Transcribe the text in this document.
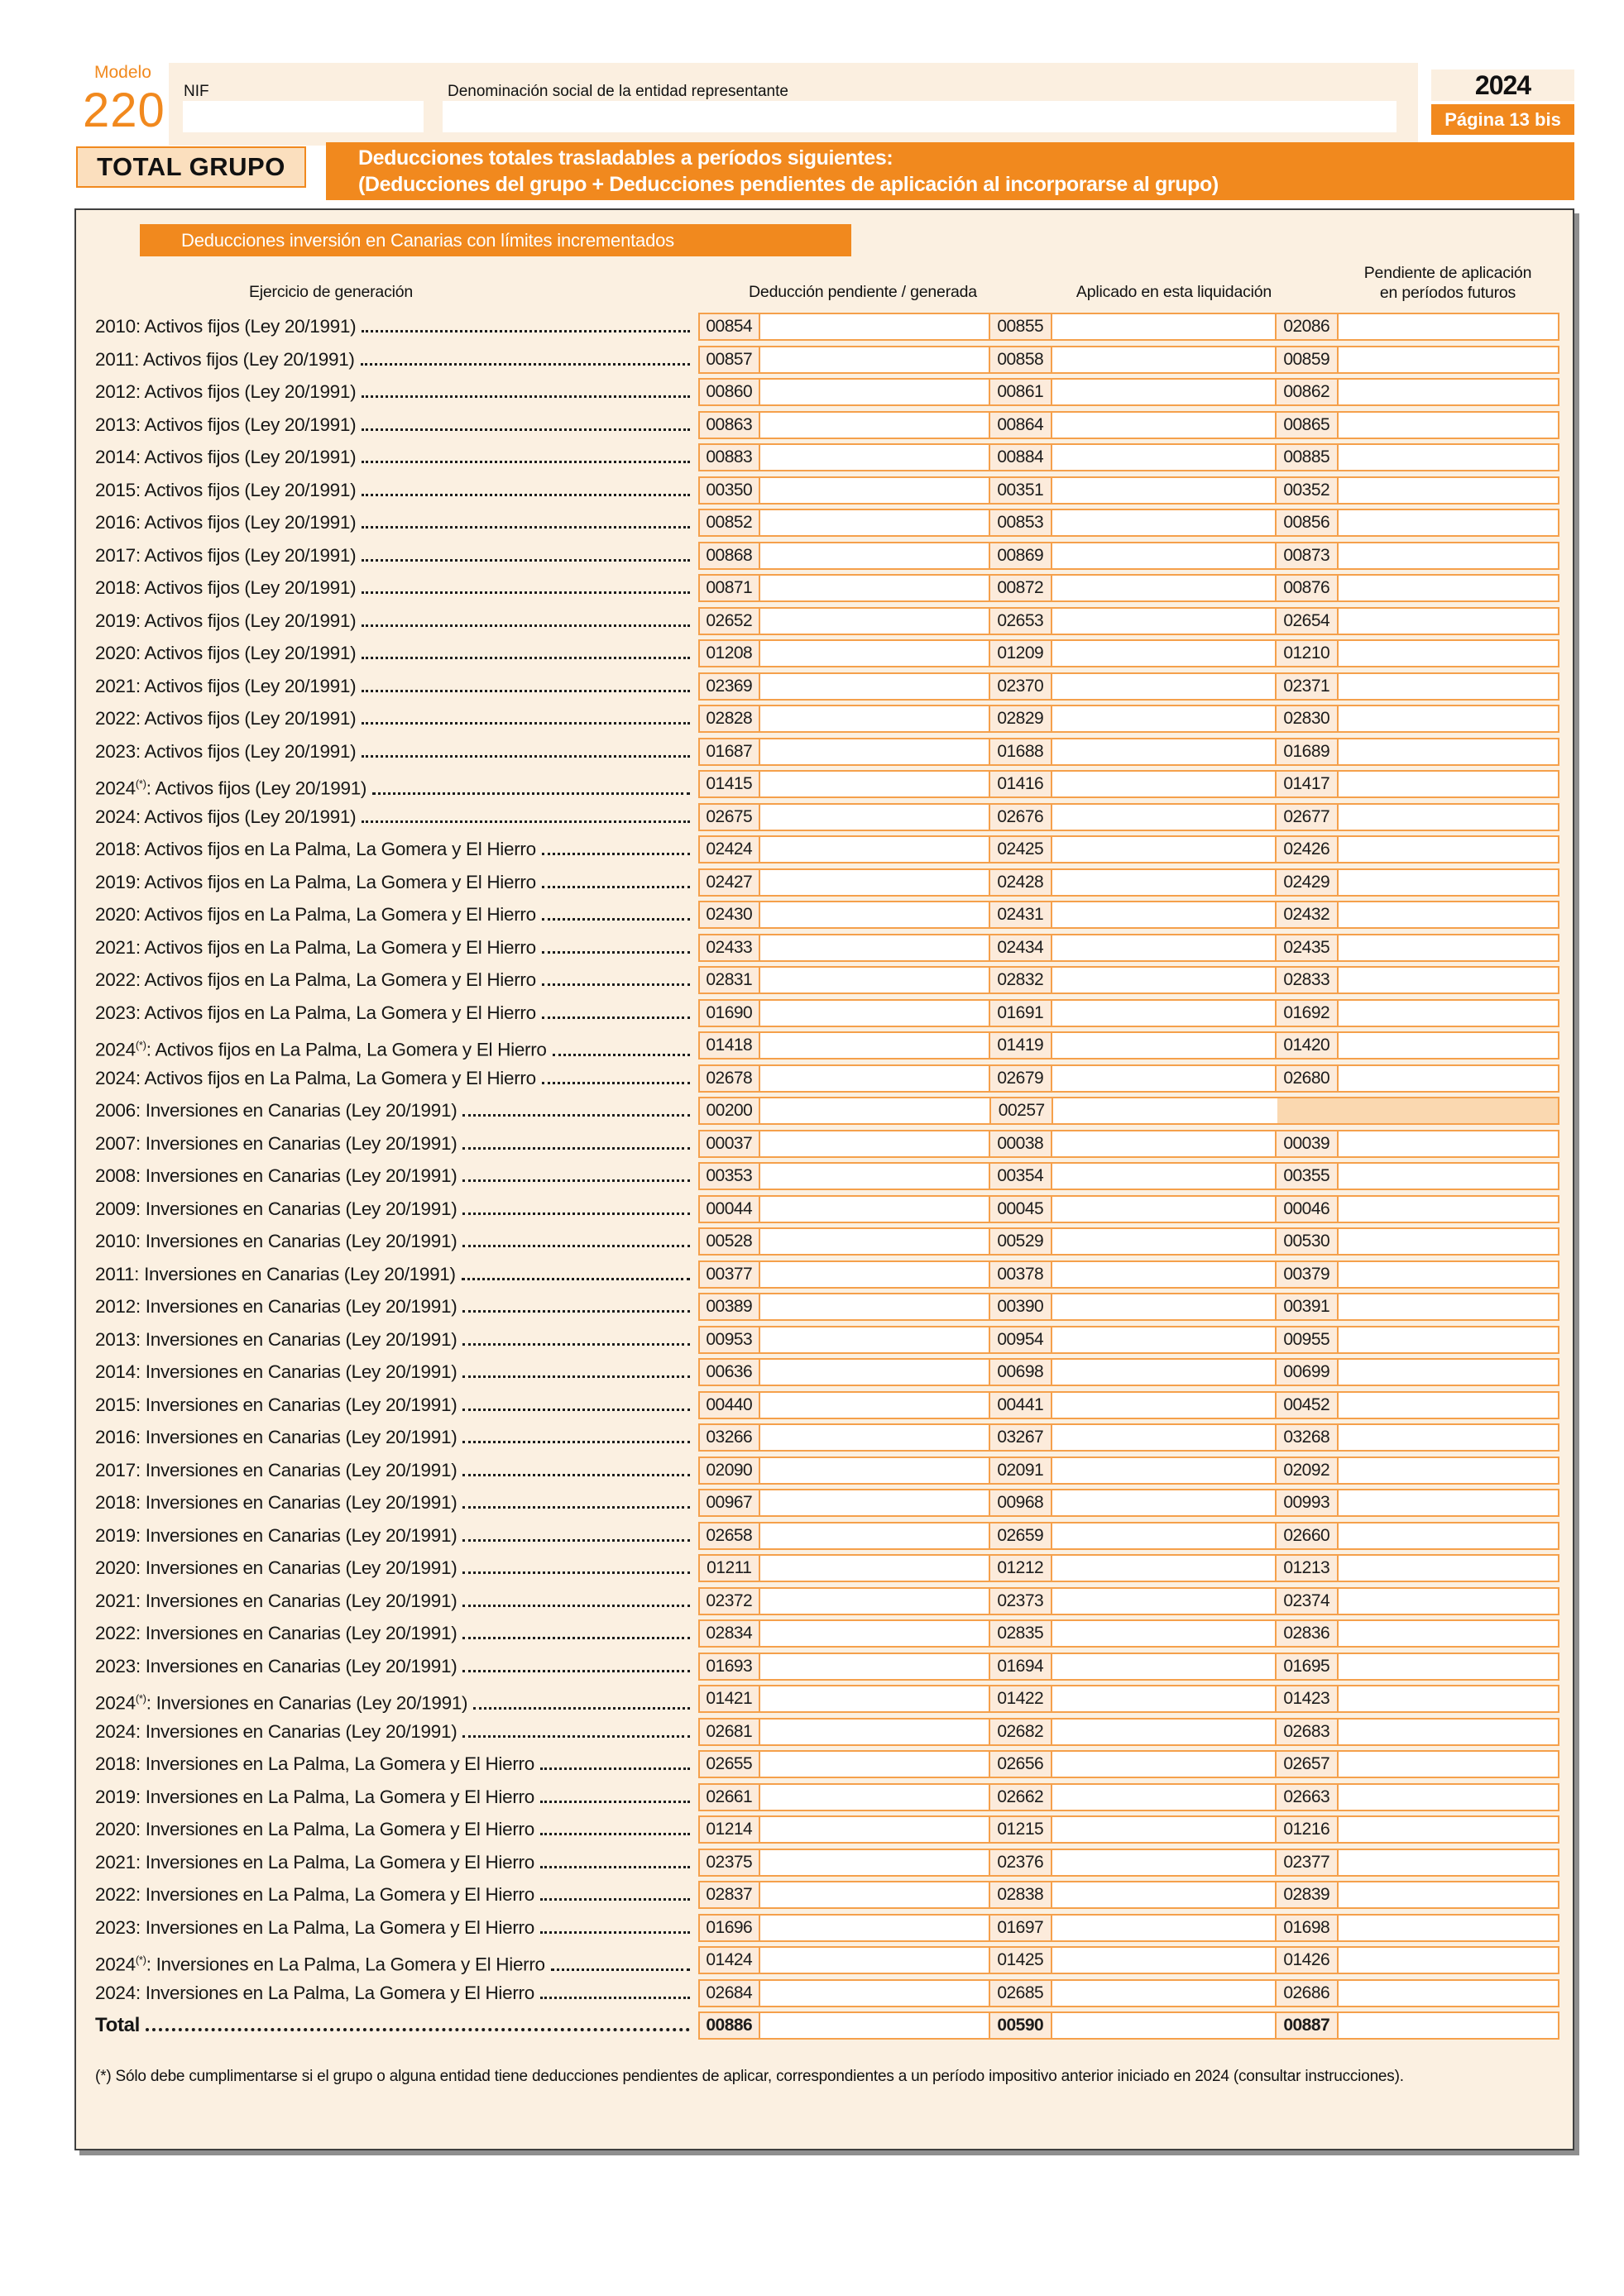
Modelo
220 NIF	Denominación social de la entidad representante	2024
Página 13 bis
TOTAL GRUPO	Deducciones totales trasladables a períodos siguientes:
(Deducciones del grupo + Deducciones pendientes de aplicación al incorporarse al grupo)
Deducciones inversión en Canarias con límites incrementados
Ejercicio de generación	Deducción pendiente / generada	Aplicado en esta liquidación
Pendiente de aplicación
en períodos futuros
2010: Activos fijos (Ley 20/1991)	00854	00855	02086
2011: Activos fijos (Ley 20/1991)	00857	00858	00859
2012: Activos fijos (Ley 20/1991)	00860	00861	00862
2013: Activos fijos (Ley 20/1991)	00863	00864	00865
2014: Activos fijos (Ley 20/1991)	00883	00884	00885
2015: Activos fijos (Ley 20/1991)	00350	00351	00352
2016: Activos fijos (Ley 20/1991)	00852	00853	00856
2017: Activos fijos (Ley 20/1991)	00868	00869	00873
2018: Activos fijos (Ley 20/1991)	00871	00872	00876
2019: Activos fijos (Ley 20/1991)	02652	02653	02654
2020: Activos fijos (Ley 20/1991)	01208	01209	01210
2021: Activos fijos (Ley 20/1991)	02369	02370	02371
2022: Activos fijos (Ley 20/1991)	02828	02829	02830
2023: Activos fijos (Ley 20/1991)	01687	01688	01689
2024(*): Activos fijos (Ley 20/1991)	01415	01416	01417
2024: Activos fijos (Ley 20/1991)	02675	02676	02677
2018: Activos fijos en La Palma, La Gomera y El Hierro	02424	02425	02426
2019: Activos fijos en La Palma, La Gomera y El Hierro	02427	02428	02429
2020: Activos fijos en La Palma, La Gomera y El Hierro	02430	02431	02432
2021: Activos fijos en La Palma, La Gomera y El Hierro	02433	02434	02435
2022: Activos fijos en La Palma, La Gomera y El Hierro	02831	02832	02833
2023: Activos fijos en La Palma, La Gomera y El Hierro	01690	01691	01692
2024(*): Activos fijos en La Palma, La Gomera y El Hierro	01418	01419	01420
2024: Activos fijos en La Palma, La Gomera y El Hierro	02678	02679	02680
2006: Inversiones en Canarias (Ley 20/1991)	00200	00257
2007: Inversiones en Canarias (Ley 20/1991)	00037	00038	00039
2008: Inversiones en Canarias (Ley 20/1991)	00353	00354	00355
2009: Inversiones en Canarias (Ley 20/1991)	00044	00045	00046
2010: Inversiones en Canarias (Ley 20/1991)	00528	00529	00530
2011: Inversiones en Canarias (Ley 20/1991)	00377	00378	00379
2012: Inversiones en Canarias (Ley 20/1991)	00389	00390	00391
2013: Inversiones en Canarias (Ley 20/1991)	00953	00954	00955
2014: Inversiones en Canarias (Ley 20/1991)	00636	00698	00699
2015: Inversiones en Canarias (Ley 20/1991)	00440	00441	00452
2016: Inversiones en Canarias (Ley 20/1991)	03266	03267	03268
2017: Inversiones en Canarias (Ley 20/1991)	02090	02091	02092
2018: Inversiones en Canarias (Ley 20/1991)	00967	00968	00993
2019: Inversiones en Canarias (Ley 20/1991)	02658	02659	02660
2020: Inversiones en Canarias (Ley 20/1991)	01211	01212	01213
2021: Inversiones en Canarias (Ley 20/1991)	02372	02373	02374
2022: Inversiones en Canarias (Ley 20/1991)	02834	02835	02836
2023: Inversiones en Canarias (Ley 20/1991)	01693	01694	01695
2024(*): Inversiones en Canarias (Ley 20/1991)	01421	01422	01423
2024: Inversiones en Canarias (Ley 20/1991)	02681	02682	02683
2018: Inversiones en La Palma, La Gomera y El Hierro	02655	02656	02657
2019: Inversiones en La Palma, La Gomera y El Hierro	02661	02662	02663
2020: Inversiones en La Palma, La Gomera y El Hierro	01214	01215	01216
2021: Inversiones en La Palma, La Gomera y El Hierro	02375	02376	02377
2022: Inversiones en La Palma, La Gomera y El Hierro	02837	02838	02839
2023: Inversiones en La Palma, La Gomera y El Hierro	01696	01697	01698
2024(*): Inversiones en La Palma, La Gomera y El Hierro	01424	01425	01426
2024: Inversiones en La Palma, La Gomera y El Hierro	02684	02685	02686
Total	00886	00590	00887
(*) Sólo debe cumplimentarse si el grupo o alguna entidad tiene deducciones pendientes de aplicar, correspondientes a un período impositivo anterior iniciado en 2024 (consultar instrucciones).
